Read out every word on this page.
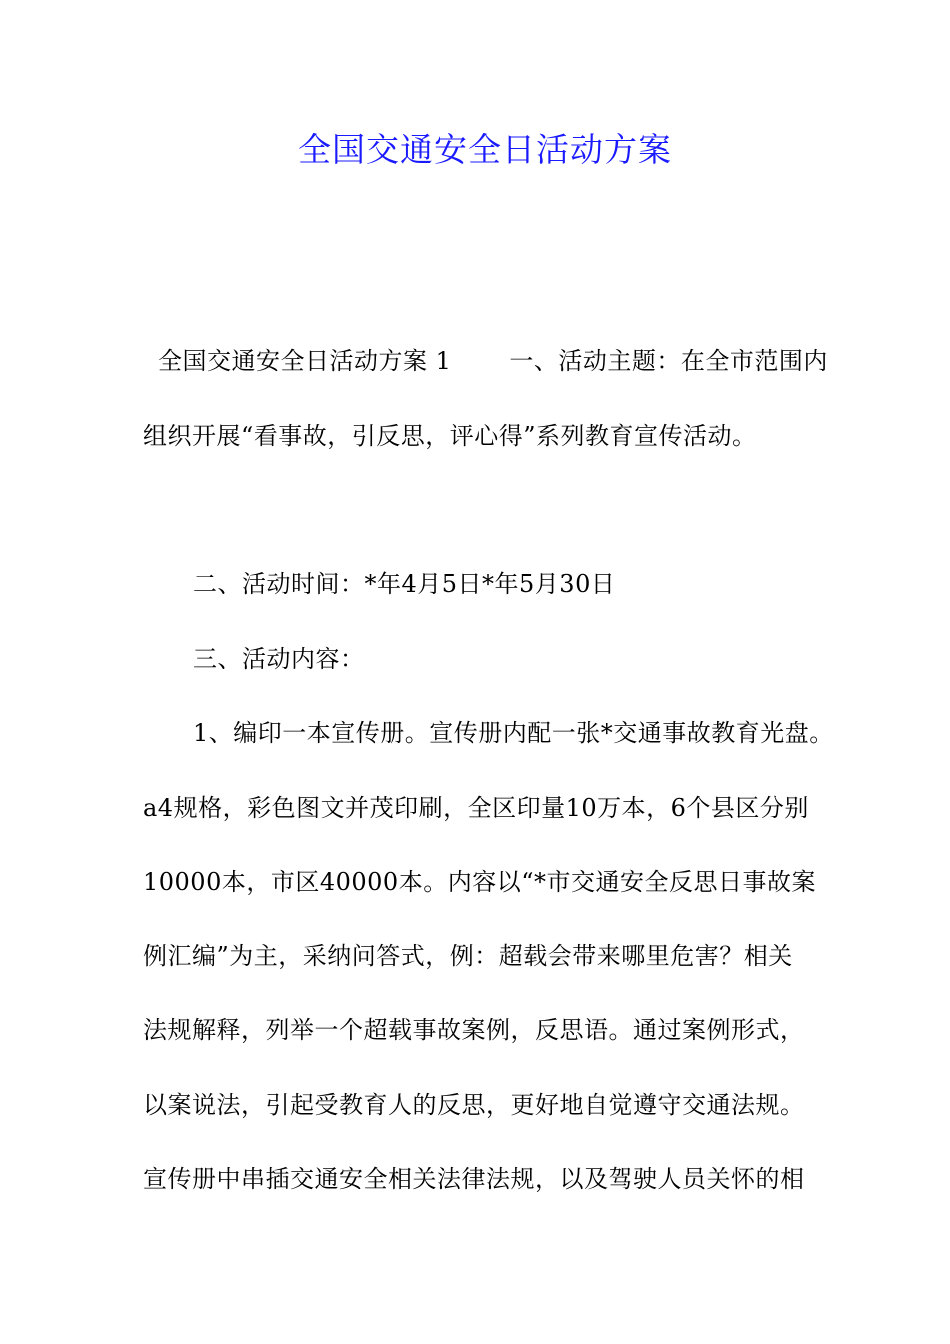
全国交通安全日活动方案
全国交通安全日活动方案 1 一、活动主题：在全市范围内
组织开展“看事故，引反思，评心得”系列教育宣传活动。
二、活动时间：*年4月5日*年5月30日
三、活动内容：
1、编印一本宣传册。宣传册内配一张*交通事故教育光盘。
a4规格，彩色图文并茂印刷，全区印量10万本，6个县区分别
10000本，市区40000本。内容以“*市交通安全反思日事故案
例汇编”为主，采纳问答式，例：超载会带来哪里危害？相关
法规解释，列举一个超载事故案例，反思语。通过案例形式，
以案说法，引起受教育人的反思，更好地自觉遵守交通法规。
宣传册中串插交通安全相关法律法规，以及驾驶人员关怀的相
